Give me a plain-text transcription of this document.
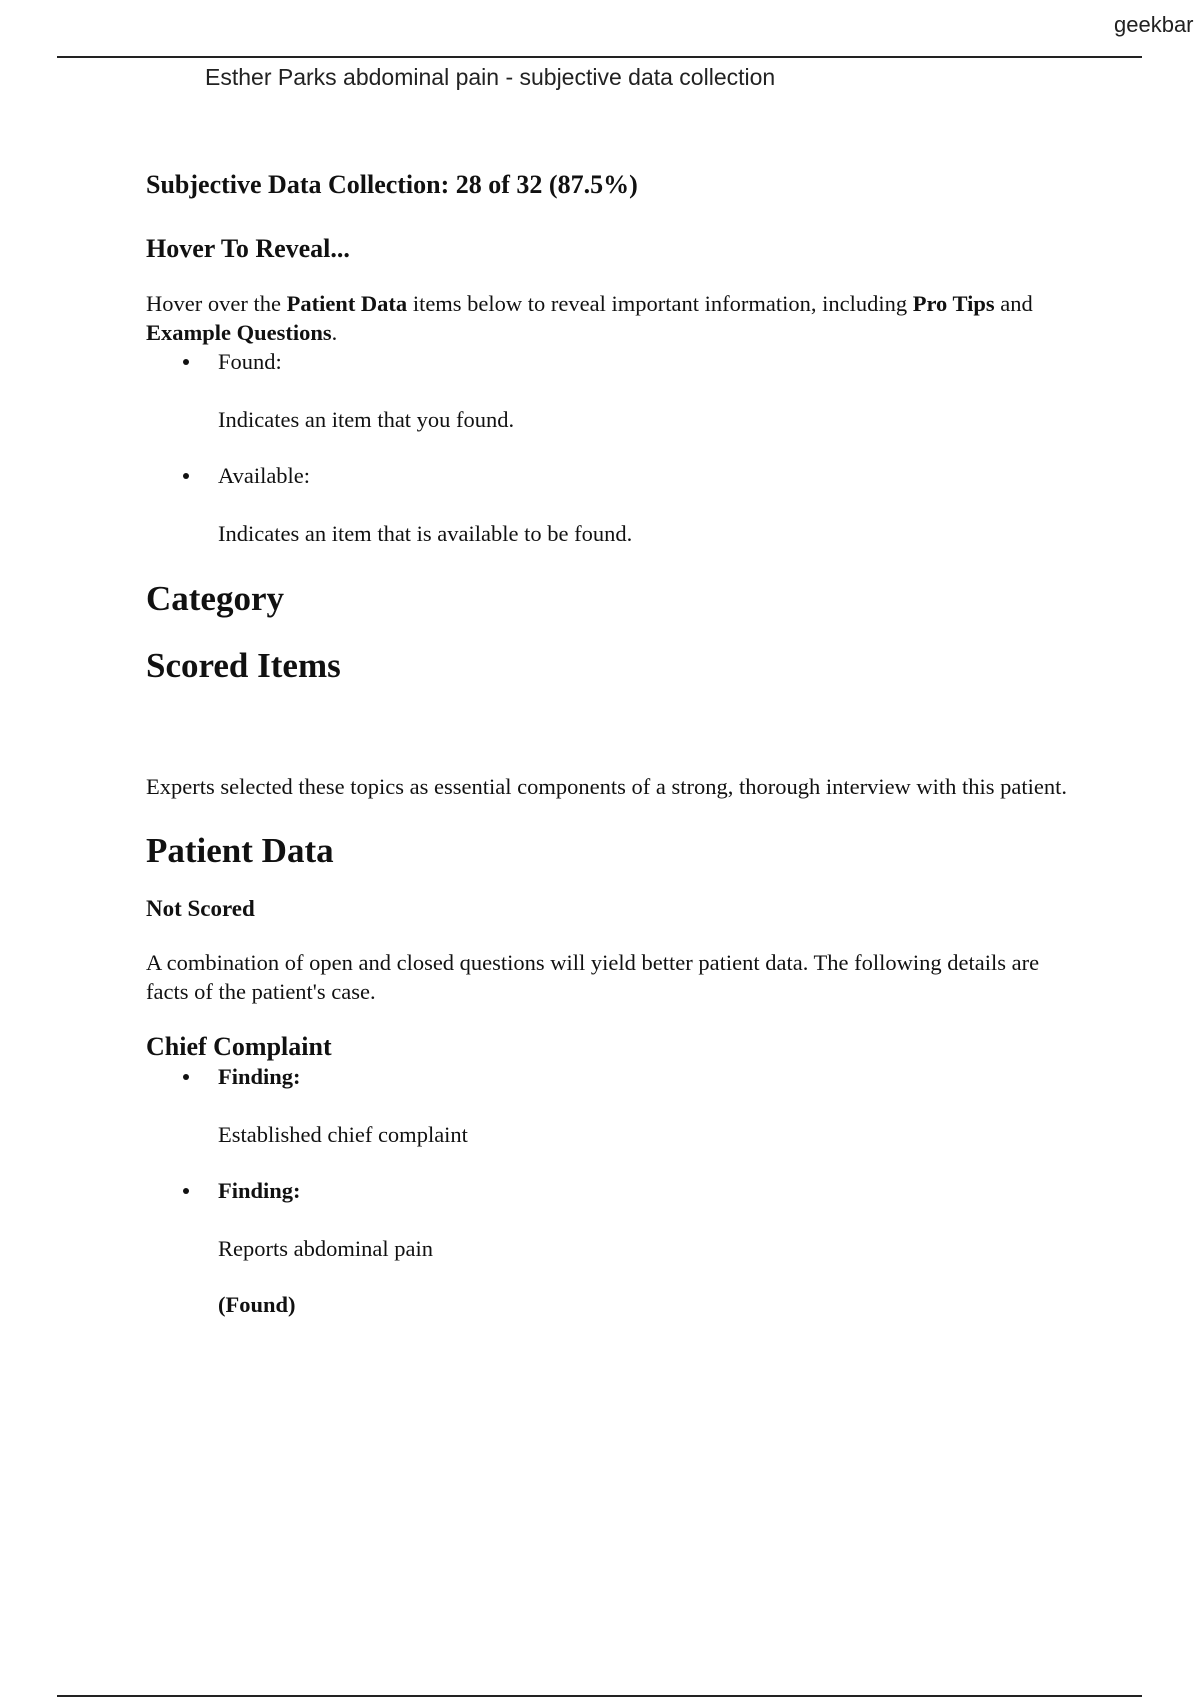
geekbar
Esther Parks abdominal pain - subjective data collection

Subjective Data Collection: 28 of 32 (87.5%)

Hover To Reveal...

Hover over the Patient Data items below to reveal important information, including Pro Tips and Example Questions.

Found:

Indicates an item that you found.

Available:

Indicates an item that is available to be found.

Category
Scored Items

Experts selected these topics as essential components of a strong, thorough interview with this patient.

Patient Data

Not Scored

A combination of open and closed questions will yield better patient data. The following details are facts of the patient's case.

Chief Complaint

Finding:

Established chief complaint

Finding:

Reports abdominal pain

(Found)
